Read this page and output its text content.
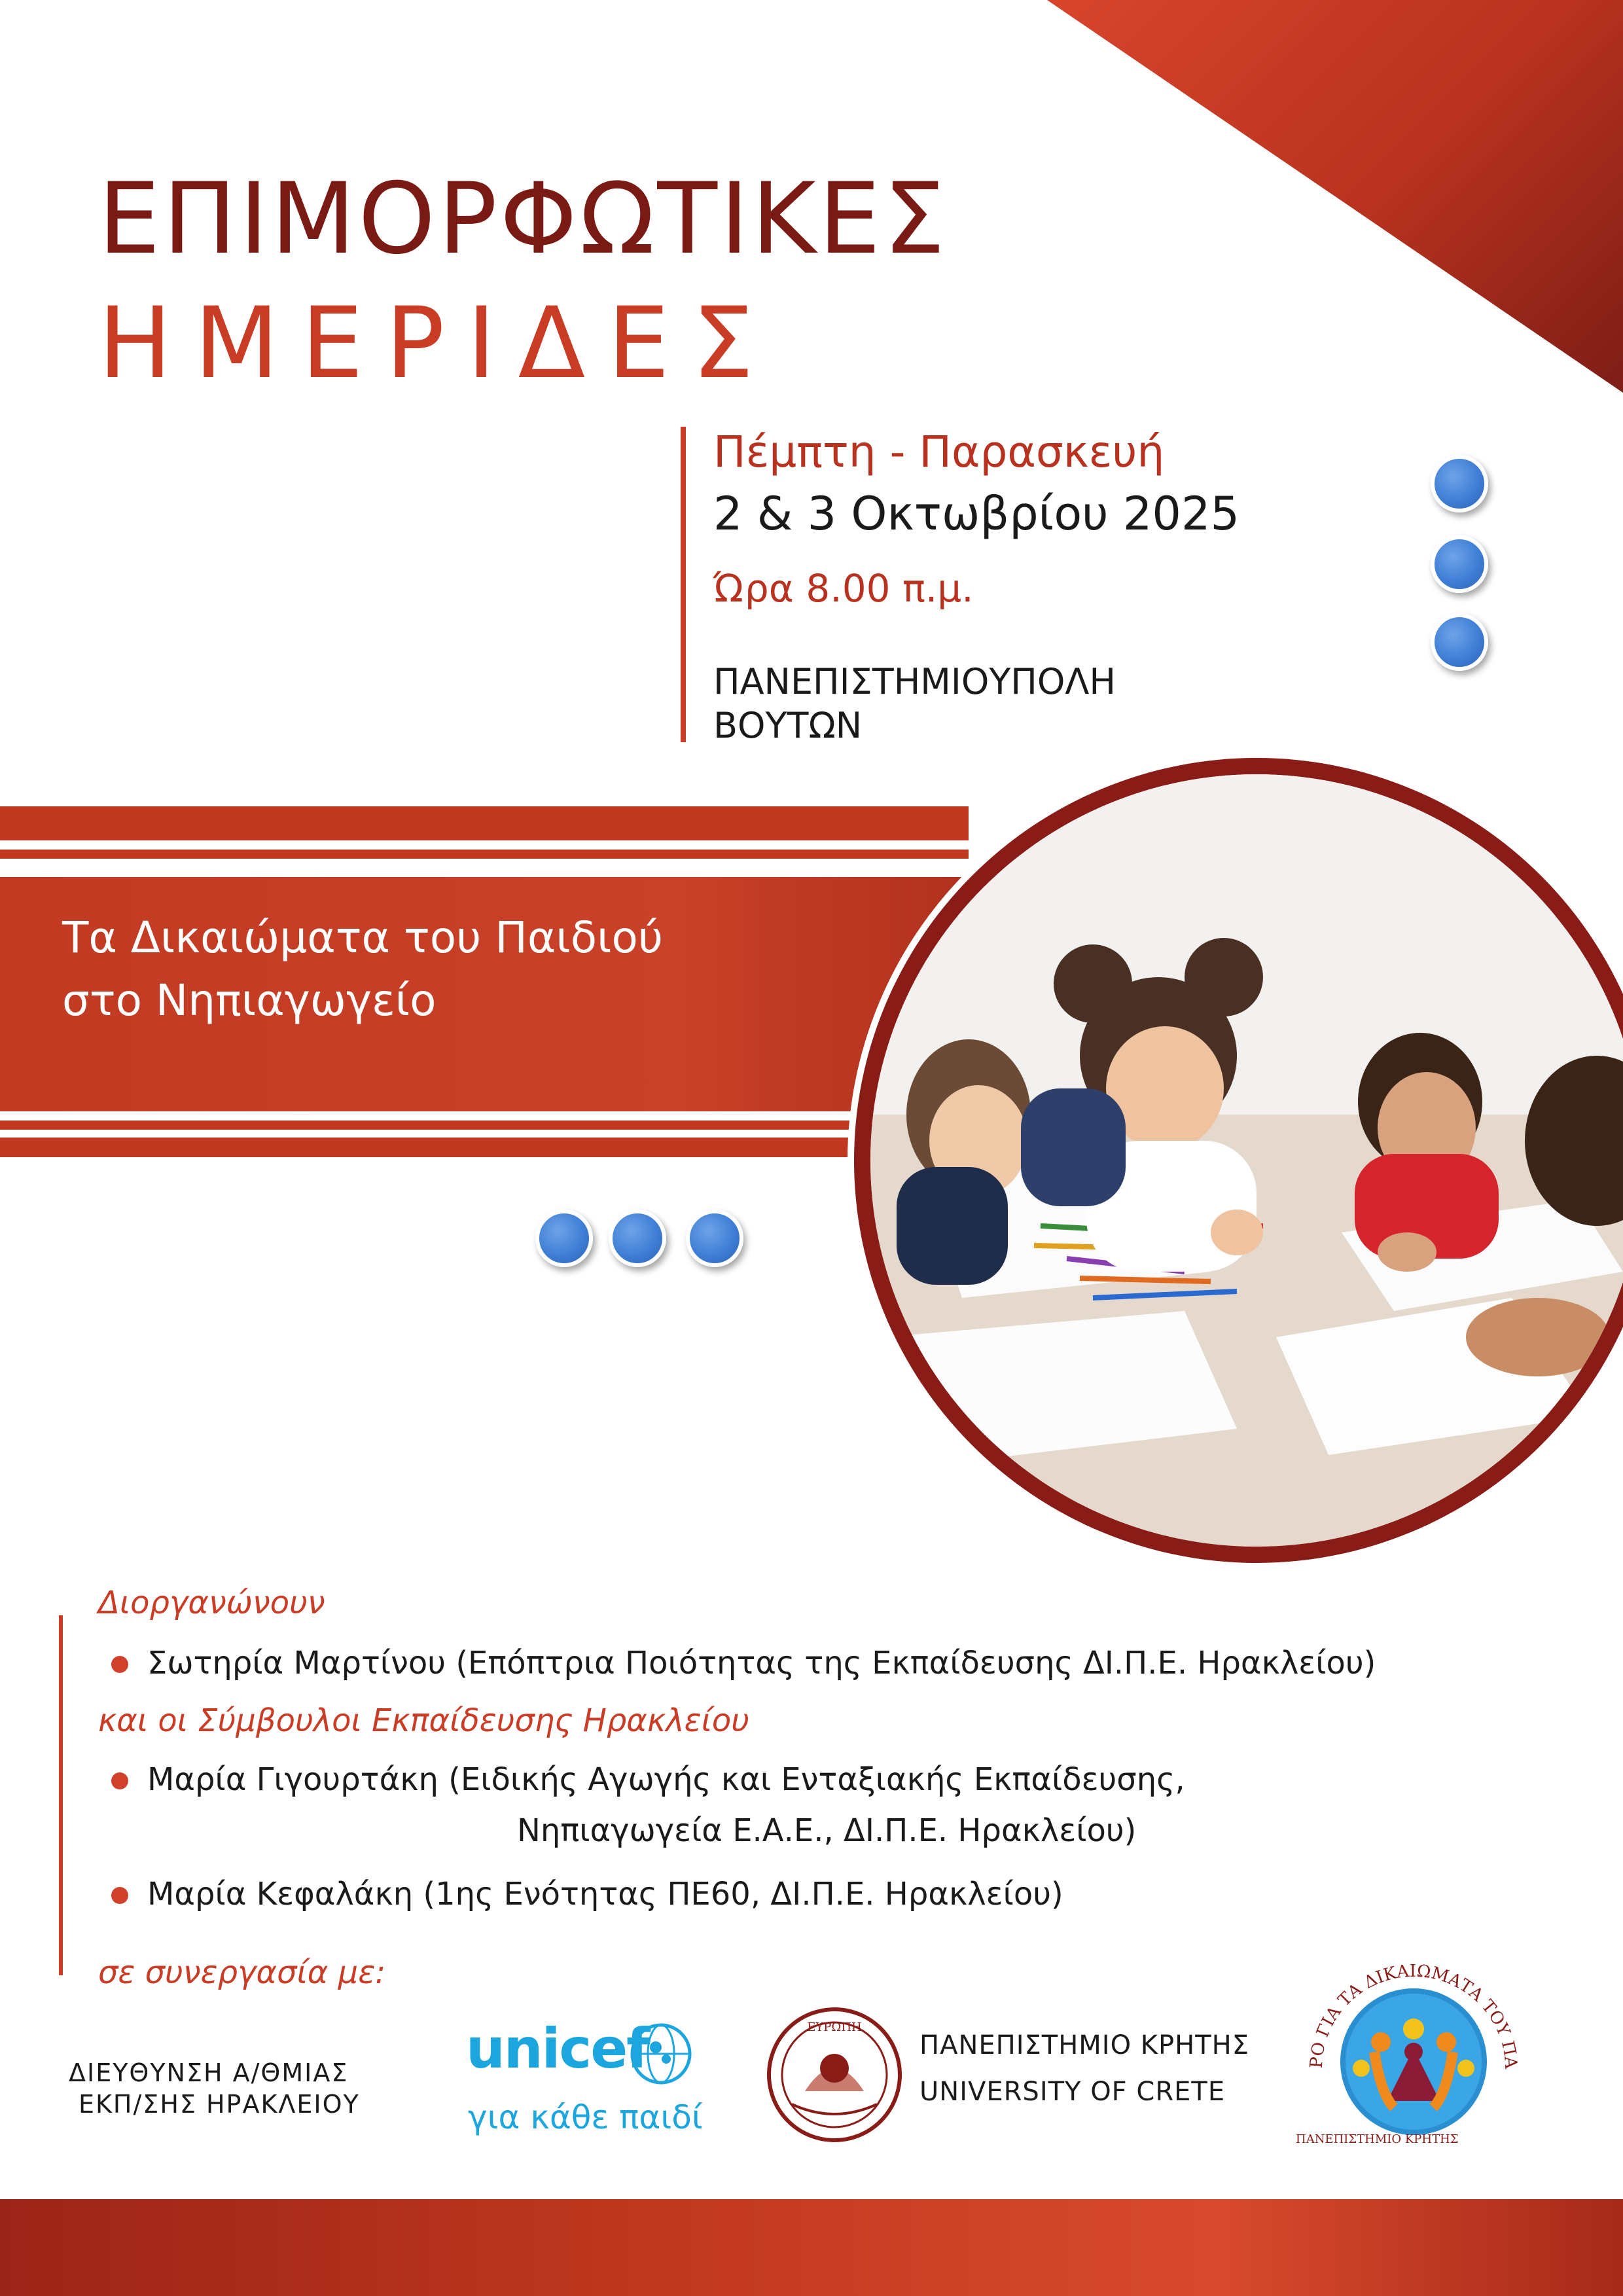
ΕΠΙΜΟΡΦΩΤΙΚΕΣ
ΗΜΕΡΙΔΕΣ
Πέμπτη - Παρασκευή
2 & 3 Οκτωβρίου 2025
Ώρα 8.00 π.μ.
ΠΑΝΕΠΙΣΤΗΜΙΟΥΠΟΛΗ
ΒΟΥΤΩΝ
Τα Δικαιώματα του Παιδιού
στο Νηπιαγωγείο
Διοργανώνουν
Σωτηρία Μαρτίνου (Επόπτρια Ποιότητας της Εκπαίδευσης ΔΙ.Π.Ε. Ηρακλείου)
και οι Σύμβουλοι Εκπαίδευσης Ηρακλείου
Μαρία Γιγουρτάκη (Ειδικής Αγωγής και Ενταξιακής Εκπαίδευσης,
Νηπιαγωγεία Ε.Α.Ε., ΔΙ.Π.Ε. Ηρακλείου)
Μαρία Κεφαλάκη (1ης Ενότητας ΠΕ60, ΔΙ.Π.Ε. Ηρακλείου)
σε συνεργασία με:
ΔΙΕΥΘΥΝΣΗ Α/ΘΜΙΑΣ
ΕΚΠ/ΣΗΣ ΗΡΑΚΛΕΙΟΥ
unicef
για κάθε παιδί
ΕΥΡΩΠΗ
ΠΑΝΕΠΙΣΤΗΜΙΟ ΚΡΗΤΗΣ
UNIVERSITY OF CRETE
ΡΟ ΓΙΑ ΤΑ ΔΙΚΑΙΩΜΑΤΑ ΤΟΥ ΠΑ
ΠΑΝΕΠΙΣΤΗΜΙΟ ΚΡΗΤΗΣ
